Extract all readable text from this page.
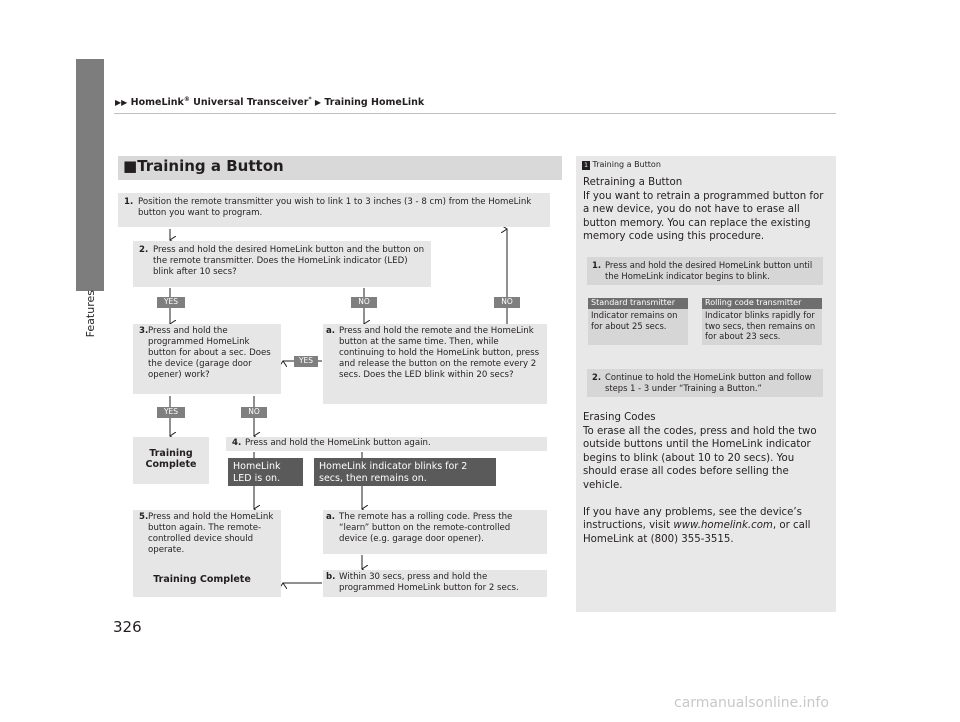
Features
▶▶ HomeLink® Universal Transceiver* ▶ Training HomeLink
■Training a Button
1. Position the remote transmitter you wish to link 1 to 3 inches (3 - 8 cm) from the HomeLink button you want to program.
2. Press and hold the desired HomeLink button and the button on the remote transmitter. Does the HomeLink indicator (LED) blink after 10 secs?
YES	NO	NO
3. Press and hold the programmed HomeLink button for about a sec. Does the device (garage door opener) work?
a. Press and hold the remote and the HomeLink button at the same time. Then, while continuing to hold the HomeLink button, press and release the button on the remote every 2 secs. Does the LED blink within 20 secs?
YES
YES	NO
Training Complete
4. Press and hold the HomeLink button again.
HomeLink LED is on.
HomeLink indicator blinks for 2 secs, then remains on.
5. Press and hold the HomeLink button again. The remote-controlled device should operate.
Training Complete
a. The remote has a rolling code. Press the “learn” button on the remote-controlled device (e.g. garage door opener).
b. Within 30 secs, press and hold the programmed HomeLink button for 2 secs.
1 Training a Button
Retraining a Button
If you want to retrain a programmed button for a new device, you do not have to erase all button memory. You can replace the existing memory code using this procedure.
1. Press and hold the desired HomeLink button until the HomeLink indicator begins to blink.
Standard transmitter
Indicator remains on for about 25 secs.
Rolling code transmitter
Indicator blinks rapidly for two secs, then remains on for about 23 secs.
2. Continue to hold the HomeLink button and follow steps 1 - 3 under “Training a Button.”
Erasing Codes
To erase all the codes, press and hold the two outside buttons until the HomeLink indicator begins to blink (about 10 to 20 secs). You should erase all codes before selling the vehicle.
If you have any problems, see the device’s instructions, visit www.homelink.com, or call HomeLink at (800) 355-3515.
326
carmanualsonline.info
